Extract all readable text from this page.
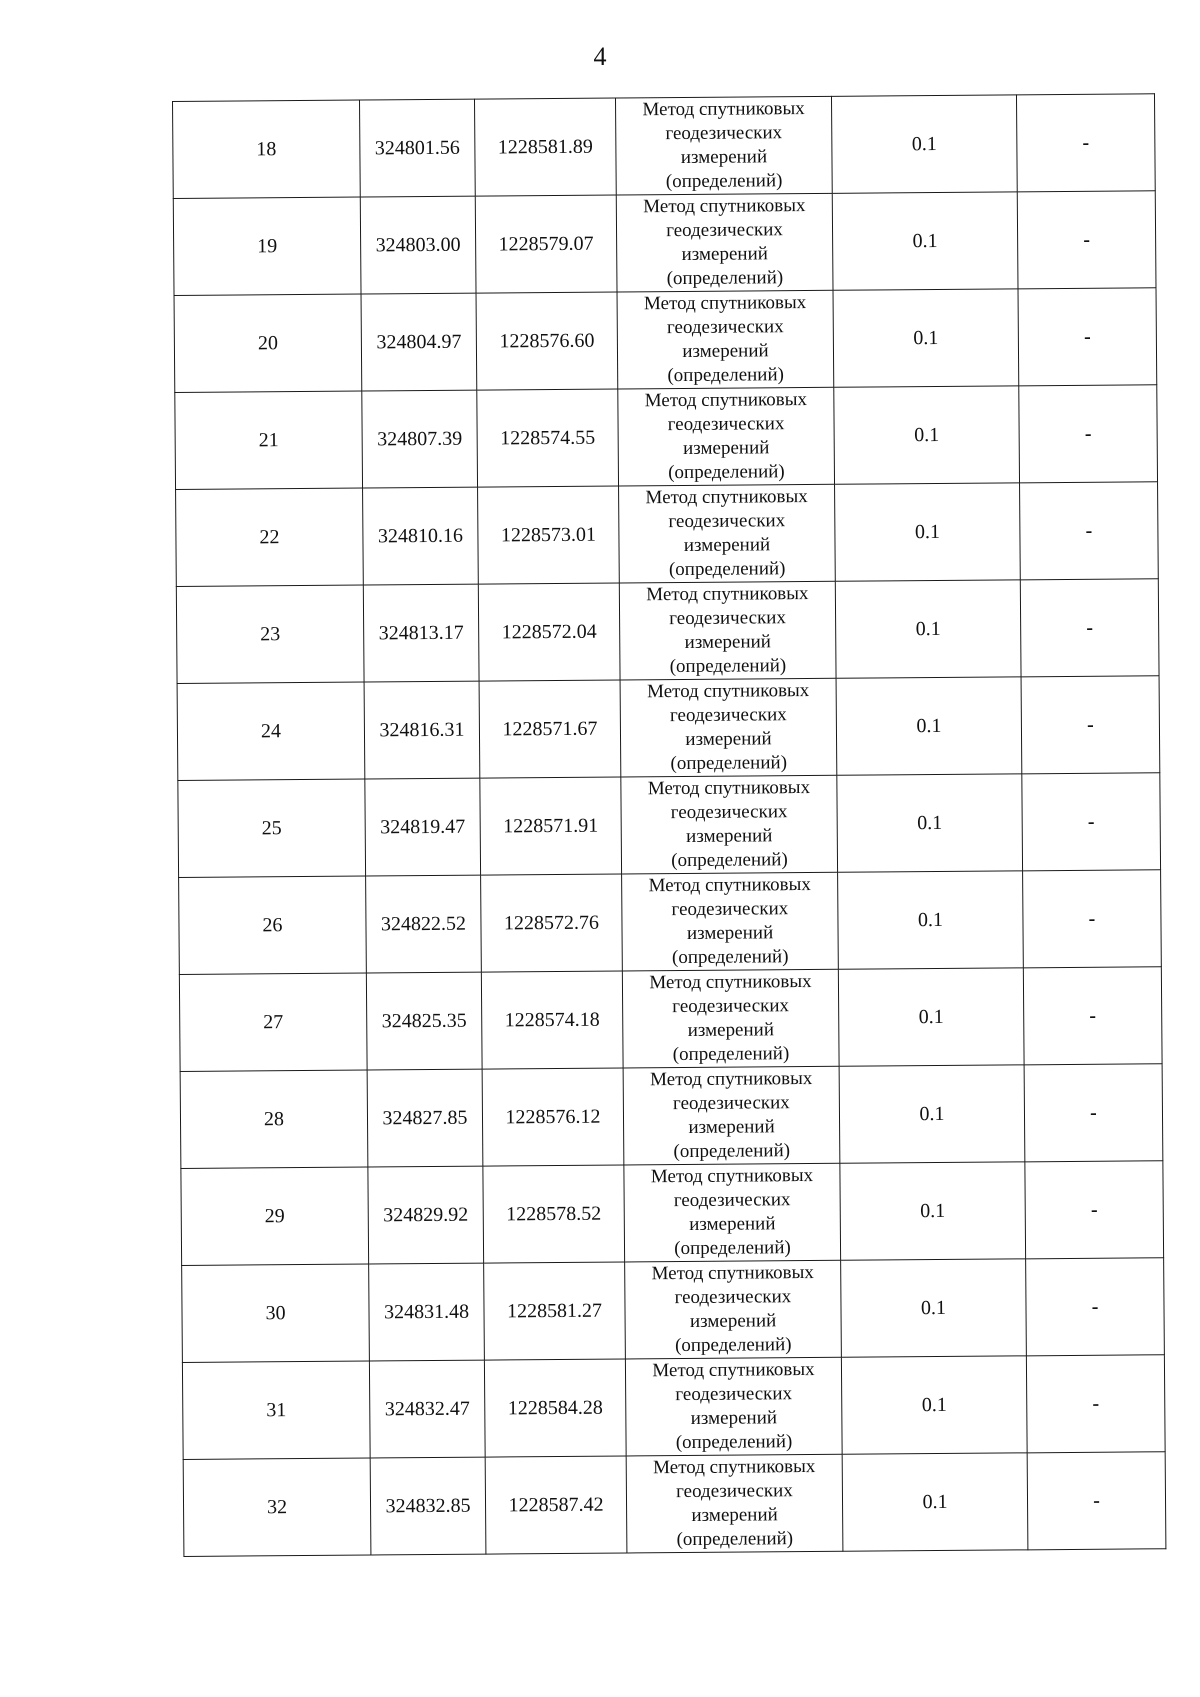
4
18	324801.56	1228581.89	Метод спутниковых
геодезических
измерений
(определений)	0.1	-
19	324803.00	1228579.07	Метод спутниковых
геодезических
измерений
(определений)	0.1	-
20	324804.97	1228576.60	Метод спутниковых
геодезических
измерений
(определений)	0.1	-
21	324807.39	1228574.55	Метод спутниковых
геодезических
измерений
(определений)	0.1	-
22	324810.16	1228573.01	Метод спутниковых
геодезических
измерений
(определений)	0.1	-
23	324813.17	1228572.04	Метод спутниковых
геодезических
измерений
(определений)	0.1	-
24	324816.31	1228571.67	Метод спутниковых
геодезических
измерений
(определений)	0.1	-
25	324819.47	1228571.91	Метод спутниковых
геодезических
измерений
(определений)	0.1	-
26	324822.52	1228572.76	Метод спутниковых
геодезических
измерений
(определений)	0.1	-
27	324825.35	1228574.18	Метод спутниковых
геодезических
измерений
(определений)	0.1	-
28	324827.85	1228576.12	Метод спутниковых
геодезических
измерений
(определений)	0.1	-
29	324829.92	1228578.52	Метод спутниковых
геодезических
измерений
(определений)	0.1	-
30	324831.48	1228581.27	Метод спутниковых
геодезических
измерений
(определений)	0.1	-
31	324832.47	1228584.28	Метод спутниковых
геодезических
измерений
(определений)	0.1	-
32	324832.85	1228587.42	Метод спутниковых
геодезических
измерений
(определений)	0.1	-
